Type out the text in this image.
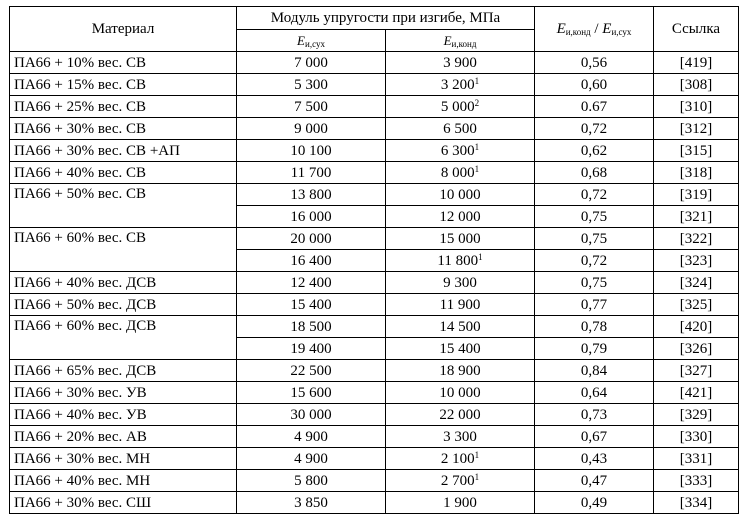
Материал	Модуль упругости при изгибе, МПа		$E_{и,конд} / E_{и,сух}$	Ссылка
	$E_{и,сух}$	$E_{и,конд}$
ПА66 + 10% вес. СВ	7 000	3 900	0,56	[419]
ПА66 + 15% вес. СВ	5 300	3 $200^1$	0,60	[308]
ПА66 + 25% вес. СВ	7 500	5 $000^2$	0.67	[310]
ПА66 + 30% вес. СВ	9 000	6 500	0,72	[312]
ПА66 + 30% вес. СВ +АП	10 100	6 $300^1$	0,62	[315]
ПА66 + 40% вес. СВ	11 700	8 $000^1$	0,68	[318]
ПА66 + 50% вес. СВ	13 800	10 000	0,72	[319]
	16 000	12 000	0,75	[321]
ПА66 + 60% вес. СВ	20 000	15 000	0,75	[322]
	16 400	11 $800^1$	0,72	[323]
ПА66 + 40% вес. ДСВ	12 400	9 300	0,75	[324]
ПА66 + 50% вес. ДСВ	15 400	11 900	0,77	[325]
ПА66 + 60% вес. ДСВ	18 500	14 500	0,78	[420]
	19 400	15 400	0,79	[326]
ПА66 + 65% вес. ДСВ	22 500	18 900	0,84	[327]
ПА66 + 30% вес. УВ	15 600	10 000	0,64	[421]
ПА66 + 40% вес. УВ	30 000	22 000	0,73	[329]
ПА66 + 20% вес. АВ	4 900	3 300	0,67	[330]
ПА66 + 30% вес. МН	4 900	2 $100^1$	0,43	[331]
ПА66 + 40% вес. МН	5 800	2 $700^1$	0,47	[333]
ПА66 + 30% вес. СШ	3 850	1 900	0,49	[334]
